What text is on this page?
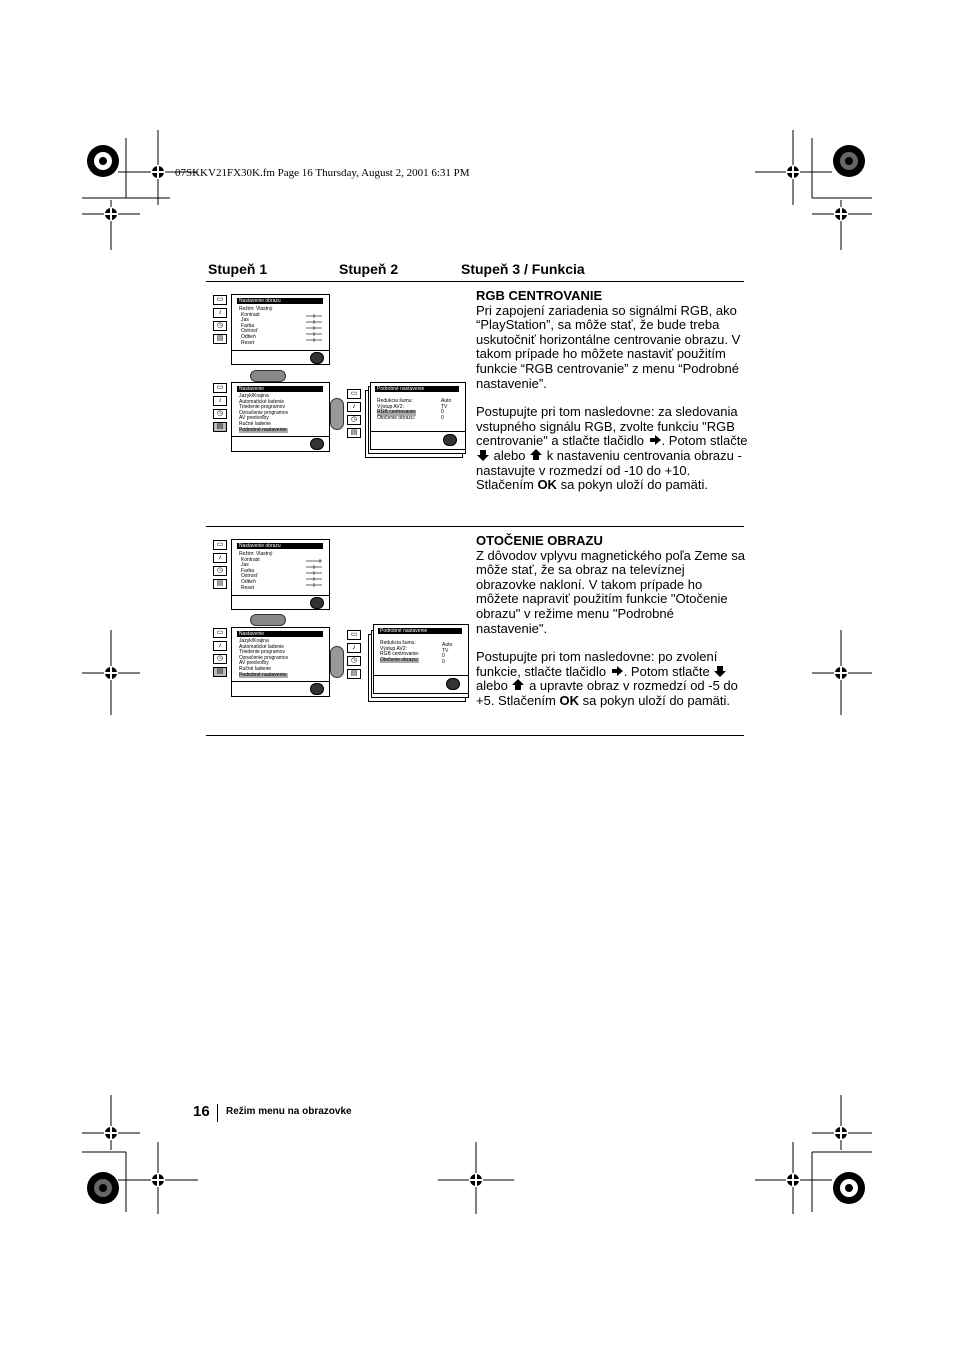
07SKKV21FX30K.fm Page 16 Thursday, August 2, 2001 6:31 PM
Stupeň 1	Stupeň 2	Stupeň 3 / Funkcia
▭
♪
◷
▤
Nastavenie obrazu
Režim: Vlastný
Kontrast
Jas
Farba
Ostrosť
Odtieň
Reset
▭
♪
◷
▤
Nastavenie
Jazyk/Krajina
Automatické ladenie
Triedenie programov
Označenie programov
AV predvoľby
Ručné ladenie
Podrobné nastavenie
▭
♪
◷
▤
Podrobné nastavenie
Redukcia šumu:
Výstup AV2:
RGB centrovanie:
Otočenie obrazu:
Auto
TV
0
0

RGB CENTROVANIE

Pri zapojení zariadenia so signálmi RGB, ako “PlayStation”, sa môže stať, že bude treba uskutočniť horizontálne centrovanie obrazu. V takom prípade ho môžete nastaviť použitím funkcie “RGB centrovanie” z menu “Podrobné nastavenie”.

Postupujte pri tom nasledovne: za sledovania vstupného signálu RGB, zvolte funkciu "RGB centrovanie" a stlačte tlačidlo . Potom stlačte  alebo k nastaveniu centrovania obrazu - nastavujte v rozmedzí od -10 do +10. Stlačením OK sa pokyn uloží do pamäti.

▭
♪
◷
▤
Nastavenie obrazu
Režim: Vlastný
Kontrast
Jas
Farba
Ostrosť
Odtieň
Reset
▭
♪
◷
▤
Nastavenie
Jazyk/Krajina
Automatické ladenie
Triedenie programov
Označenie programov
AV predvoľby
Ručné ladenie
Podrobné nastavenie
▭
♪
◷
▤
Podrobné nastavenie
Redukcia šumu:
Výstup AV2:
RGB centrovanie:
Otočenie obrazu:
Auto
TV
0
0

OTOČENIE OBRAZU

Z dôvodov vplyvu magnetického poľa Zeme sa môže stať, že sa obraz na televíznej obrazovke nakloní. V takom prípade ho môžete napraviť použitím funkcie "Otočenie obrazu" v režime menu "Podrobné nastavenie".

Postupujte pri tom nasledovne: po zvolení funkcie, stlačte tlačidlo . Potom stlačte  alebo a upravte obraz v rozmedzí od -5 do +5. Stlačením OK sa pokyn uloží do pamäti.

16 Režim menu na obrazovke
